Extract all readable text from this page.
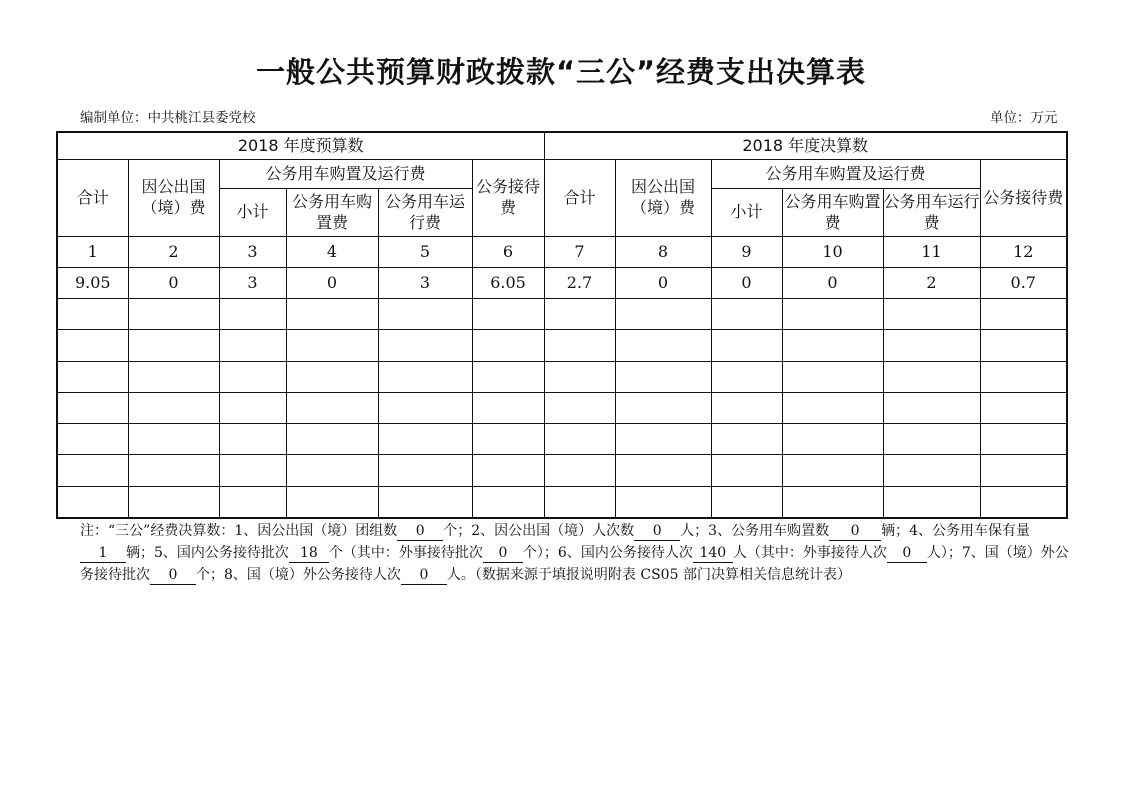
一般公共预算财政拨款“三公”经费支出决算表
编制单位：中共桃江县委党校	单位：万元
2018 年度预算数						2018 年度决算数					
合计	因公出国（境）费	公务用车购置及运行费			公务接待费	合计	因公出国（境）费	公务用车购置及运行费			公务接待费
		小计	公务用车购置费	公务用车运行费				小计	公务用车购置费	公务用车运行费	
1	2	3	4	5	6	7	8	9	10	11	12
9.05	0	3	0	3	6.05	2.7	0	0	0	2	0.7

注：“三公”经费决算数：1、因公出国（境）团组数 0 个；2、因公出国（境）人次数 0 人；3、公务用车购置数 0 辆；4、公务用车保有量1 辆；5、国内公务接待批次 18 个（其中：外事接待批次 0 个）；6、国内公务接待人次 140 人（其中：外事接待人次 0 人）；7、国（境）外公务接待批次 0 个；8、国（境）外公务接待人次 0 人。（数据来源于填报说明附表 CS05 部门决算相关信息统计表）
